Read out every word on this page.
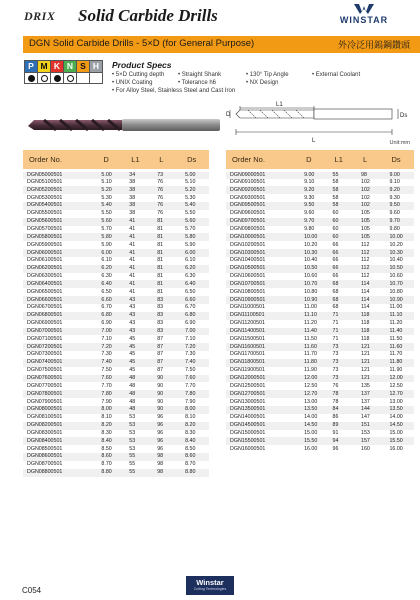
DRIX Solid Carbide Drills	WINSTAR
DGN Solid Carbide Drills - 5×D (for General Purpose)	外冷泛用鎢鋼鑽頭
P M K N S H	Product Specs
• 5×D Cutting depth	• Straight Shank	• 130° Tip Angle	• External Coolant
• UNIX Coating	• Tolerance h6	• NX Design
• For Alloy Steel, Stainless Steel and Cast Iron
L1
L
D	Ds
Unit:mm
Order No.	D	L1	L	Ds
DGN05000501	5.00	34	73	5.00
DGN05100501	5.10	38	76	5.10
DGN05200501	5.20	38	76	5.20
DGN05300501	5.30	38	76	5.30
DGN05400501	5.40	38	76	5.40
DGN05500501	5.50	38	76	5.50
DGN05600501	5.60	41	81	5.60
DGN05700501	5.70	41	81	5.70
DGN05800501	5.80	41	81	5.80
DGN05900501	5.90	41	81	5.90
DGN06000501	6.00	41	81	6.00
DGN06100501	6.10	41	81	6.10
DGN06200501	6.20	41	81	6.20
DGN06300501	6.30	41	81	6.30
DGN06400501	6.40	41	81	6.40
DGN06500501	6.50	41	81	6.50
DGN06600501	6.60	43	83	6.60
DGN06700501	6.70	43	83	6.70
DGN06800501	6.80	43	83	6.80
DGN06900501	6.90	43	83	6.90
DGN07000501	7.00	43	83	7.00
DGN07100501	7.10	45	87	7.10
DGN07200501	7.20	45	87	7.20
DGN07300501	7.30	45	87	7.30
DGN07400501	7.40	45	87	7.40
DGN07500501	7.50	45	87	7.50
DGN07600501	7.60	48	90	7.60
DGN07700501	7.70	48	90	7.70
DGN07800501	7.80	48	90	7.80
DGN07900501	7.90	48	90	7.90
DGN08000501	8.00	48	90	8.00
DGN08100501	8.10	53	96	8.10
DGN08200501	8.20	53	96	8.20
DGN08300501	8.30	53	96	8.30
DGN08400501	8.40	53	96	8.40
DGN08500501	8.50	53	96	8.50
DGN08600501	8.60	55	98	8.60
DGN08700501	8.70	55	98	8.70
DGN08800501	8.80	55	98	8.80
Order No.	D	L1	L	Ds
DGN09000501	9.00	55	98	9.00
DGN09100501	9.10	58	102	9.10
DGN09200501	9.20	58	102	9.20
DGN09300501	9.30	58	102	9.30
DGN09500501	9.50	58	102	9.50
DGN09600501	9.60	60	105	9.60
DGN09700501	9.70	60	105	9.70
DGN09800501	9.80	60	105	9.80
DGN10000501	10.00	60	105	10.00
DGN10200501	10.20	66	112	10.20
DGN10300501	10.30	66	112	10.30
DGN10400501	10.40	66	112	10.40
DGN10500501	10.50	66	112	10.50
DGN10600501	10.60	66	112	10.60
DGN10700501	10.70	68	114	10.70
DGN10800501	10.80	68	114	10.80
DGN10900501	10.90	68	114	10.90
DGN11000501	11.00	68	114	11.00
DGN11100501	11.10	71	118	11.10
DGN11200501	11.20	71	118	11.20
DGN11400501	11.40	71	118	11.40
DGN11500501	11.50	71	118	11.50
DGN11600501	11.60	73	121	11.60
DGN11700501	11.70	73	121	11.70
DGN11800501	11.80	73	121	11.80
DGN11900501	11.90	73	121	11.90
DGN12000501	12.00	73	121	12.00
DGN12500501	12.50	76	135	12.50
DGN12700501	12.70	78	137	12.70
DGN13000501	13.00	78	137	13.00
DGN13500501	13.50	84	144	13.50
DGN14000501	14.00	86	147	14.00
DGN14500501	14.50	89	151	14.50
DGN15000501	15.00	91	153	15.00
DGN15500501	15.50	94	157	15.50
DGN16000501	16.00	96	160	16.00
C054
Winstar
Cutting Technologies
